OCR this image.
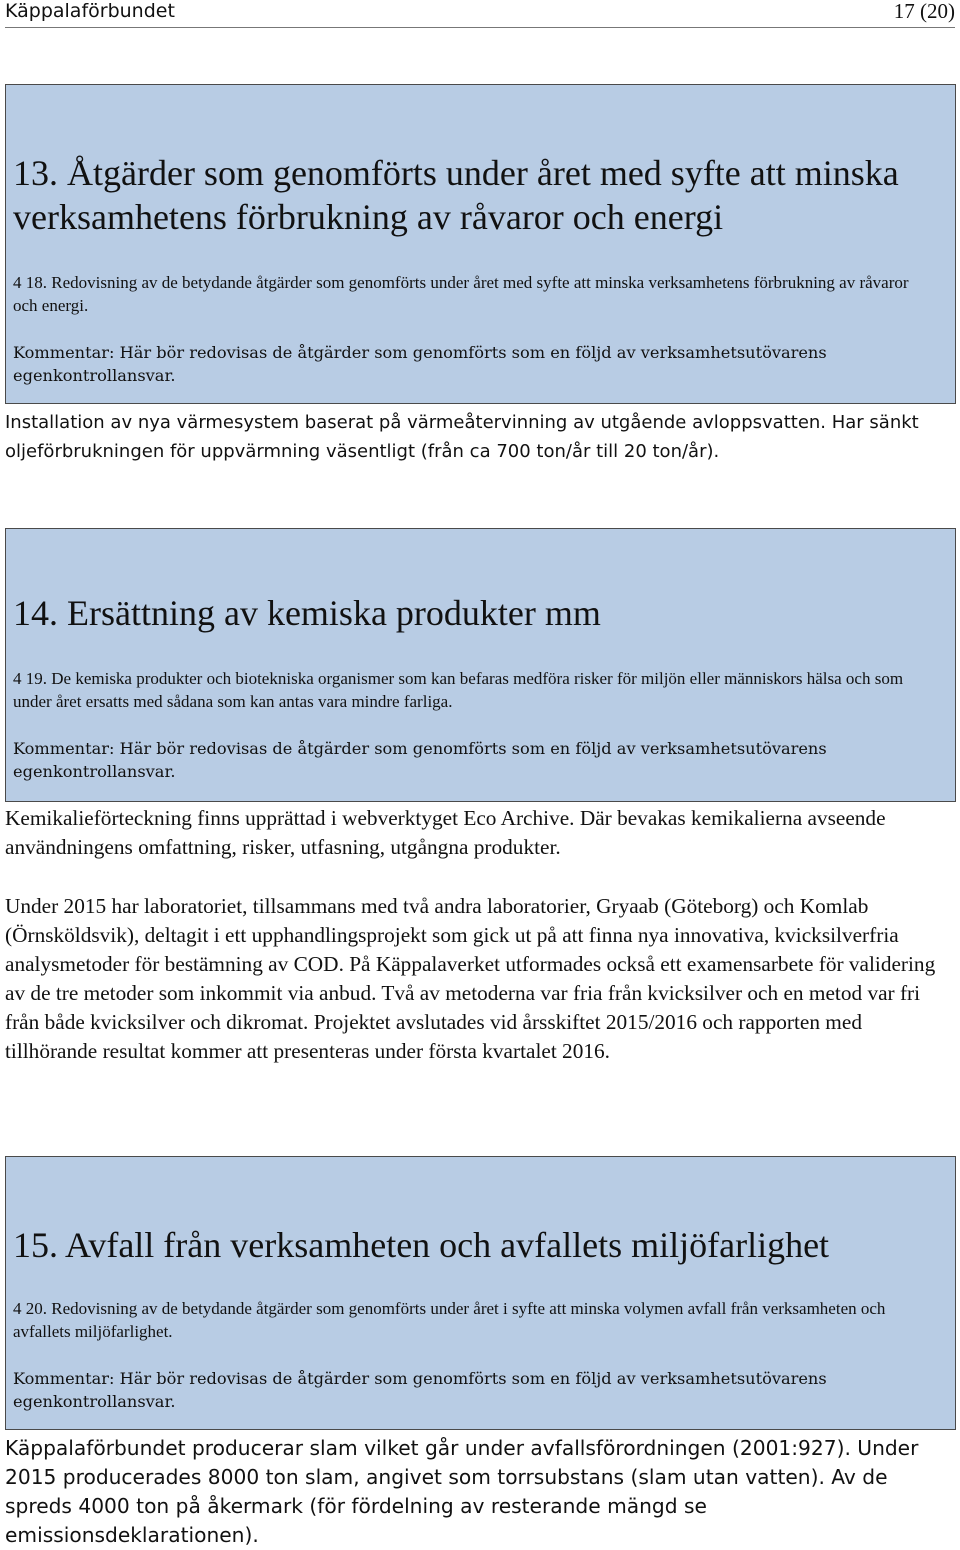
Käppalaförbundet	17 (20)
13. Åtgärder som genomförts under året med syfte att minska verksamhetens förbrukning av råvaror och energi
4 18. Redovisning av de betydande åtgärder som genomförts under året med syfte att minska verksamhetens förbrukning av råvaror och energi.
Kommentar: Här bör redovisas de åtgärder som genomförts som en följd av verksamhetsutövarens egenkontrollansvar.
Installation av nya värmesystem baserat på värmeåtervinning av utgående avloppsvatten. Har sänkt oljeförbrukningen för uppvärmning väsentligt (från ca 700 ton/år till 20 ton/år).
14. Ersättning av kemiska produkter mm
4 19. De kemiska produkter och biotekniska organismer som kan befaras medföra risker för miljön eller människors hälsa och som under året ersatts med sådana som kan antas vara mindre farliga.
Kommentar: Här bör redovisas de åtgärder som genomförts som en följd av verksamhetsutövarens egenkontrollansvar.
Kemikalieförteckning finns upprättad i webverktyget Eco Archive. Där bevakas kemikalierna avseende användningens omfattning, risker, utfasning, utgångna produkter.
Under 2015 har laboratoriet, tillsammans med två andra laboratorier, Gryaab (Göteborg) och Komlab (Örnsköldsvik), deltagit i ett upphandlingsprojekt som gick ut på att finna nya innovativa, kvicksilverfria analysmetoder för bestämning av COD. På Käppalaverket utformades också ett examensarbete för validering av de tre metoder som inkommit via anbud. Två av metoderna var fria från kvicksilver och en metod var fri från både kvicksilver och dikromat. Projektet avslutades vid årsskiftet 2015/2016 och rapporten med tillhörande resultat kommer att presenteras under första kvartalet 2016.
15. Avfall från verksamheten och avfallets miljöfarlighet
4 20. Redovisning av de betydande åtgärder som genomförts under året i syfte att minska volymen avfall från verksamheten och avfallets miljöfarlighet.
Kommentar: Här bör redovisas de åtgärder som genomförts som en följd av verksamhetsutövarens egenkontrollansvar.
Käppalaförbundet producerar slam vilket går under avfallsförordningen (2001:927). Under 2015 producerades 8000 ton slam, angivet som torrsubstans (slam utan vatten). Av de spreds 4000 ton på åkermark (för fördelning av resterande mängd se emissionsdeklarationen).
